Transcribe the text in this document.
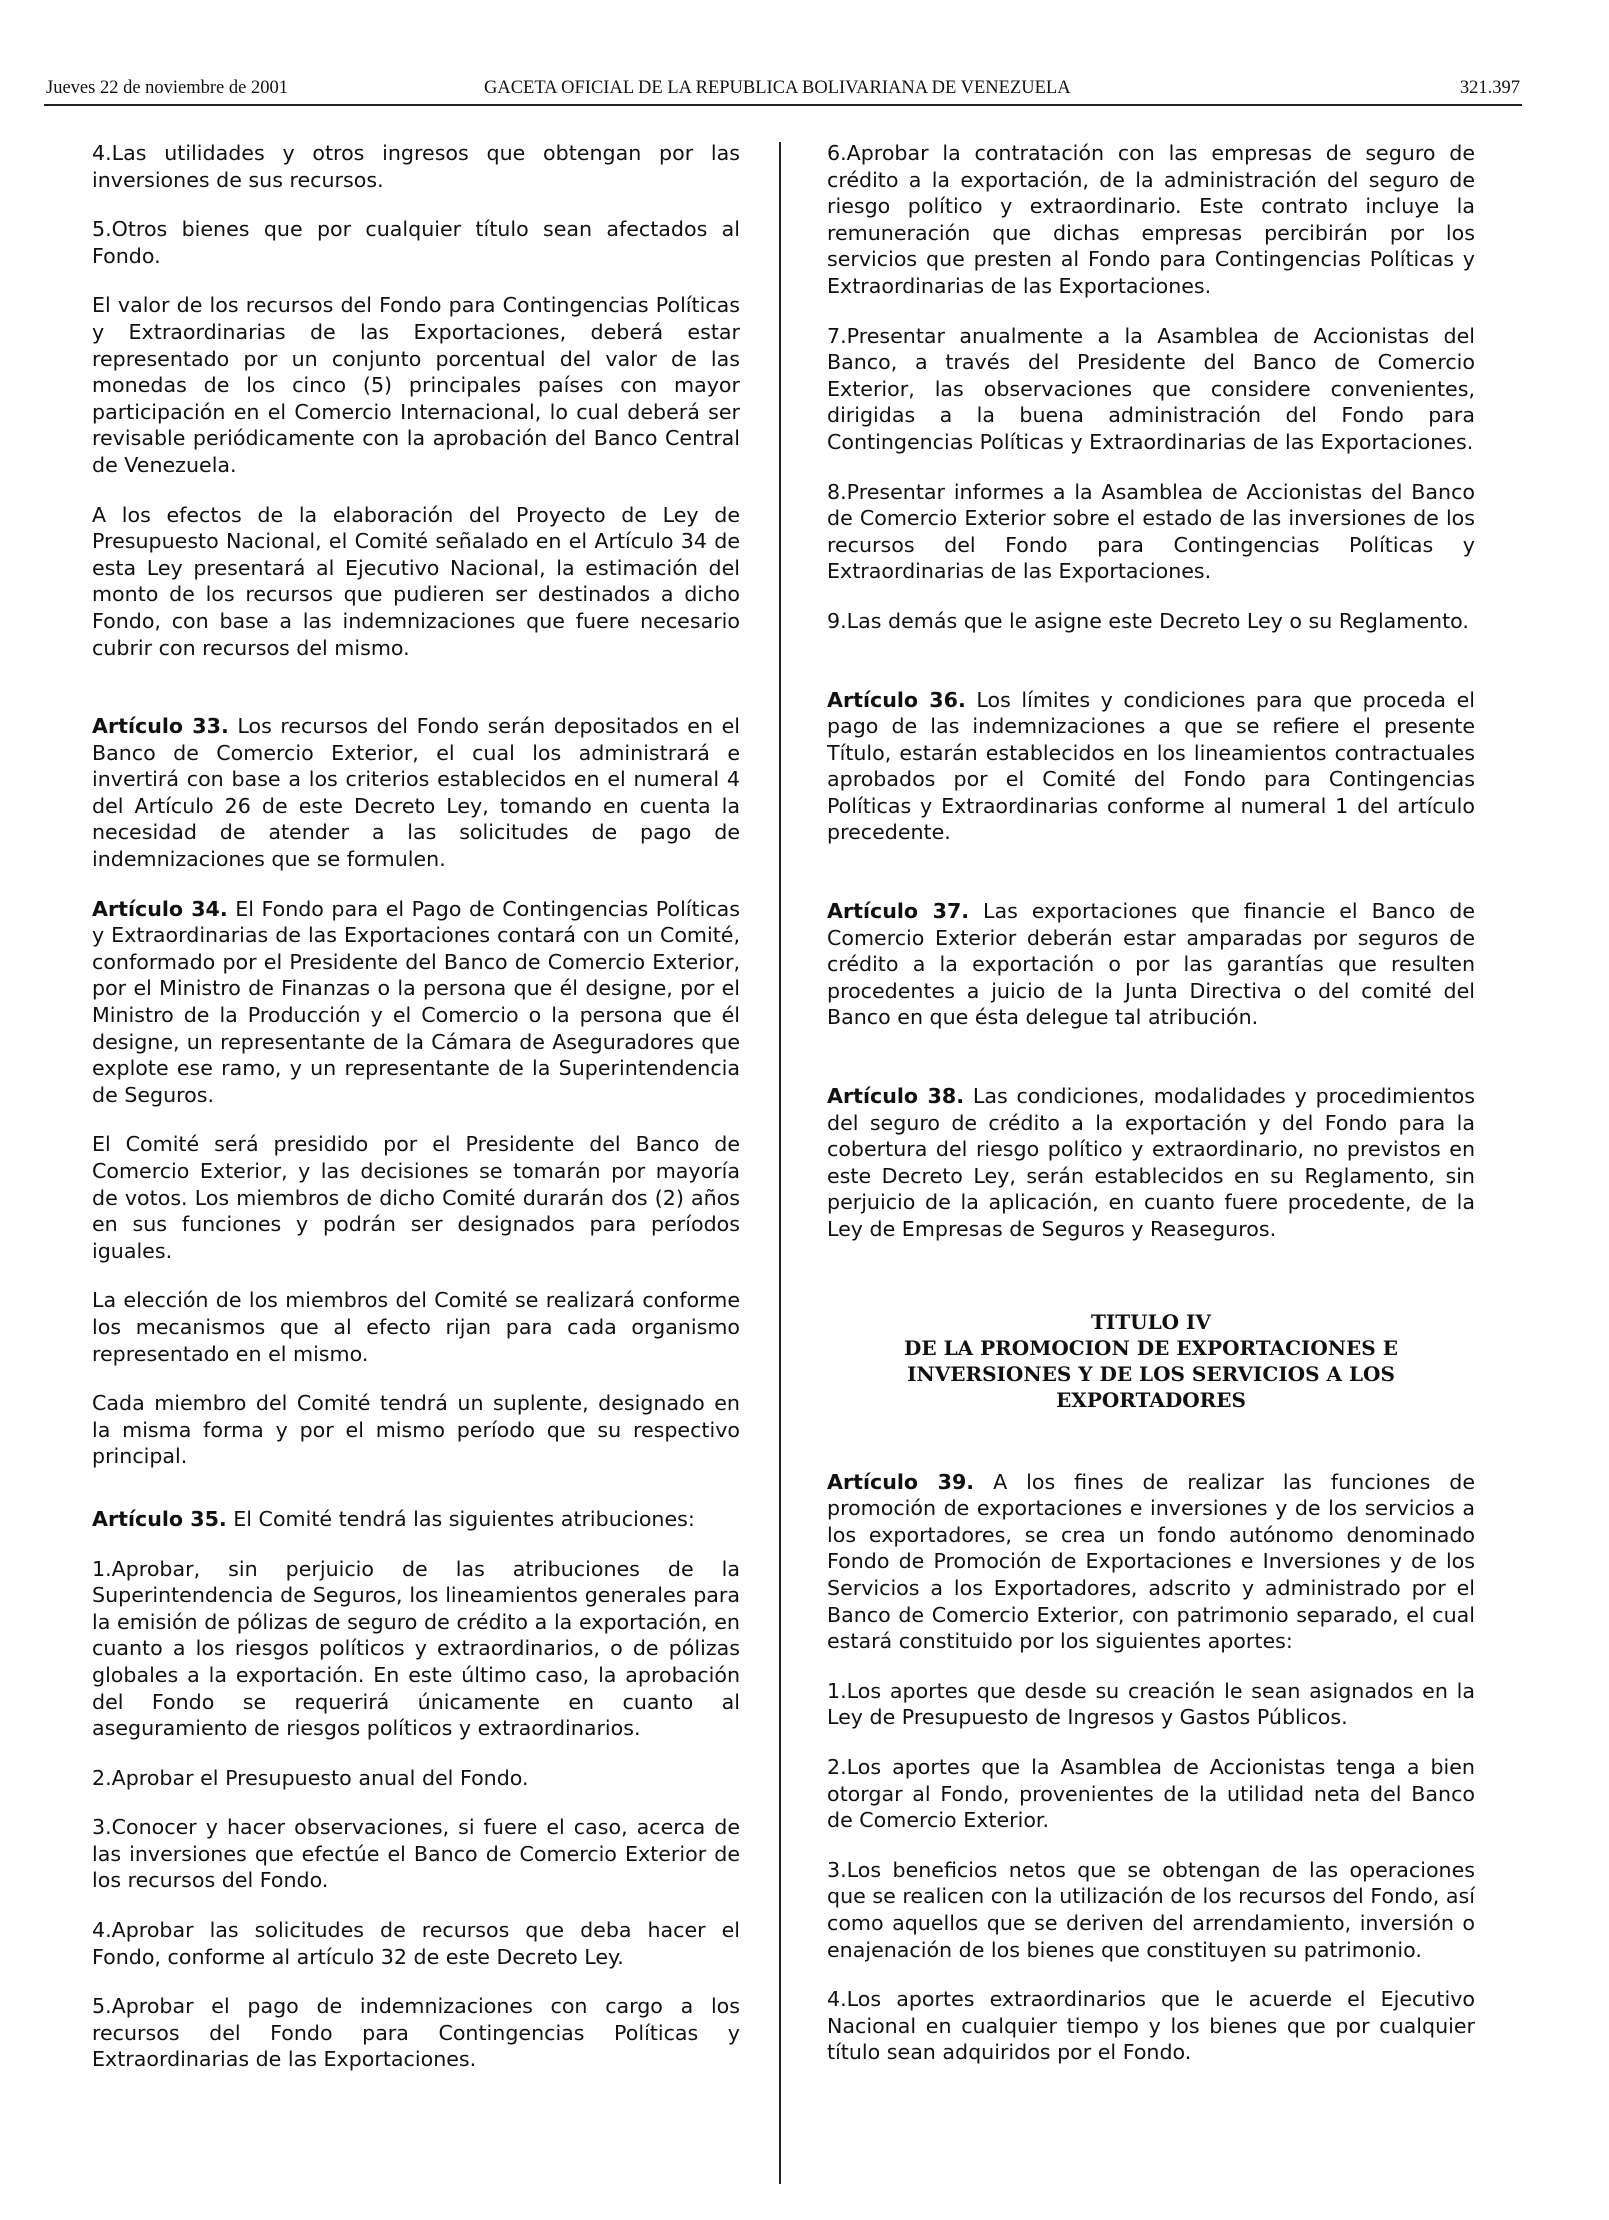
Jueves 22 de noviembre de 2001	GACETA OFICIAL DE LA REPUBLICA BOLIVARIANA DE VENEZUELA	321.397

4.Las utilidades y otros ingresos que obtengan por las inversiones de sus recursos.

5.Otros bienes que por cualquier título sean afectados al Fondo.

El valor de los recursos del Fondo para Contingencias Políticas y Extraordinarias de las Exportaciones, deberá estar representado por un conjunto porcentual del valor de las monedas de los cinco (5) principales países con mayor participación en el Comercio Internacional, lo cual deberá ser revisable periódicamente con la aprobación del Banco Central de Venezuela.

A los efectos de la elaboración del Proyecto de Ley de Presupuesto Nacional, el Comité señalado en el Artículo 34 de esta Ley presentará al Ejecutivo Nacional, la estimación del monto de los recursos que pudieren ser destinados a dicho Fondo, con base a las indemnizaciones que fuere necesario cubrir con recursos del mismo.

Artículo 33. Los recursos del Fondo serán depositados en el Banco de Comercio Exterior, el cual los administrará e invertirá con base a los criterios establecidos en el numeral 4 del Artículo 26 de este Decreto Ley, tomando en cuenta la necesidad de atender a las solicitudes de pago de indemnizaciones que se formulen.

Artículo 34. El Fondo para el Pago de Contingencias Políticas y Extraordinarias de las Exportaciones contará con un Comité, conformado por el Presidente del Banco de Comercio Exterior, por el Ministro de Finanzas o la persona que él designe, por el Ministro de la Producción y el Comercio o la persona que él designe, un representante de la Cámara de Aseguradores que explote ese ramo, y un representante de la Superintendencia de Seguros.

El Comité será presidido por el Presidente del Banco de Comercio Exterior, y las decisiones se tomarán por mayoría de votos. Los miembros de dicho Comité durarán dos (2) años en sus funciones y podrán ser designados para períodos iguales.

La elección de los miembros del Comité se realizará conforme los mecanismos que al efecto rijan para cada organismo representado en el mismo.

Cada miembro del Comité tendrá un suplente, designado en la misma forma y por el mismo período que su respectivo principal.

Artículo 35. El Comité tendrá las siguientes atribuciones:

1.Aprobar, sin perjuicio de las atribuciones de la Superintendencia de Seguros, los lineamientos generales para la emisión de pólizas de seguro de crédito a la exportación, en cuanto a los riesgos políticos y extraordinarios, o de pólizas globales a la exportación. En este último caso, la aprobación del Fondo se requerirá únicamente en cuanto al aseguramiento de riesgos políticos y extraordinarios.

2.Aprobar el Presupuesto anual del Fondo.

3.Conocer y hacer observaciones, si fuere el caso, acerca de las inversiones que efectúe el Banco de Comercio Exterior de los recursos del Fondo.

4.Aprobar las solicitudes de recursos que deba hacer el Fondo, conforme al artículo 32 de este Decreto Ley.

5.Aprobar el pago de indemnizaciones con cargo a los recursos del Fondo para Contingencias Políticas y Extraordinarias de las Exportaciones.

6.Aprobar la contratación con las empresas de seguro de crédito a la exportación, de la administración del seguro de riesgo político y extraordinario. Este contrato incluye la remuneración que dichas empresas percibirán por los servicios que presten al Fondo para Contingencias Políticas y Extraordinarias de las Exportaciones.

7.Presentar anualmente a la Asamblea de Accionistas del Banco, a través del Presidente del Banco de Comercio Exterior, las observaciones que considere convenientes, dirigidas a la buena administración del Fondo para Contingencias Políticas y Extraordinarias de las Exportaciones.

8.Presentar informes a la Asamblea de Accionistas del Banco de Comercio Exterior sobre el estado de las inversiones de los recursos del Fondo para Contingencias Políticas y Extraordinarias de las Exportaciones.

9.Las demás que le asigne este Decreto Ley o su Reglamento.

Artículo 36. Los límites y condiciones para que proceda el pago de las indemnizaciones a que se refiere el presente Título, estarán establecidos en los lineamientos contractuales aprobados por el Comité del Fondo para Contingencias Políticas y Extraordinarias conforme al numeral 1 del artículo precedente.

Artículo 37. Las exportaciones que financie el Banco de Comercio Exterior deberán estar amparadas por seguros de crédito a la exportación o por las garantías que resulten procedentes a juicio de la Junta Directiva o del comité del Banco en que ésta delegue tal atribución.

Artículo 38. Las condiciones, modalidades y procedimientos del seguro de crédito a la exportación y del Fondo para la cobertura del riesgo político y extraordinario, no previstos en este Decreto Ley, serán establecidos en su Reglamento, sin perjuicio de la aplicación, en cuanto fuere procedente, de la Ley de Empresas de Seguros y Reaseguros.

TITULO IV
DE LA PROMOCION DE EXPORTACIONES E
INVERSIONES Y DE LOS SERVICIOS A LOS
EXPORTADORES

Artículo 39. A los fines de realizar las funciones de promoción de exportaciones e inversiones y de los servicios a los exportadores, se crea un fondo autónomo denominado Fondo de Promoción de Exportaciones e Inversiones y de los Servicios a los Exportadores, adscrito y administrado por el Banco de Comercio Exterior, con patrimonio separado, el cual estará constituido por los siguientes aportes:

1.Los aportes que desde su creación le sean asignados en la Ley de Presupuesto de Ingresos y Gastos Públicos.

2.Los aportes que la Asamblea de Accionistas tenga a bien otorgar al Fondo, provenientes de la utilidad neta del Banco de Comercio Exterior.

3.Los beneficios netos que se obtengan de las operaciones que se realicen con la utilización de los recursos del Fondo, así como aquellos que se deriven del arrendamiento, inversión o enajenación de los bienes que constituyen su patrimonio.

4.Los aportes extraordinarios que le acuerde el Ejecutivo Nacional en cualquier tiempo y los bienes que por cualquier título sean adquiridos por el Fondo.
